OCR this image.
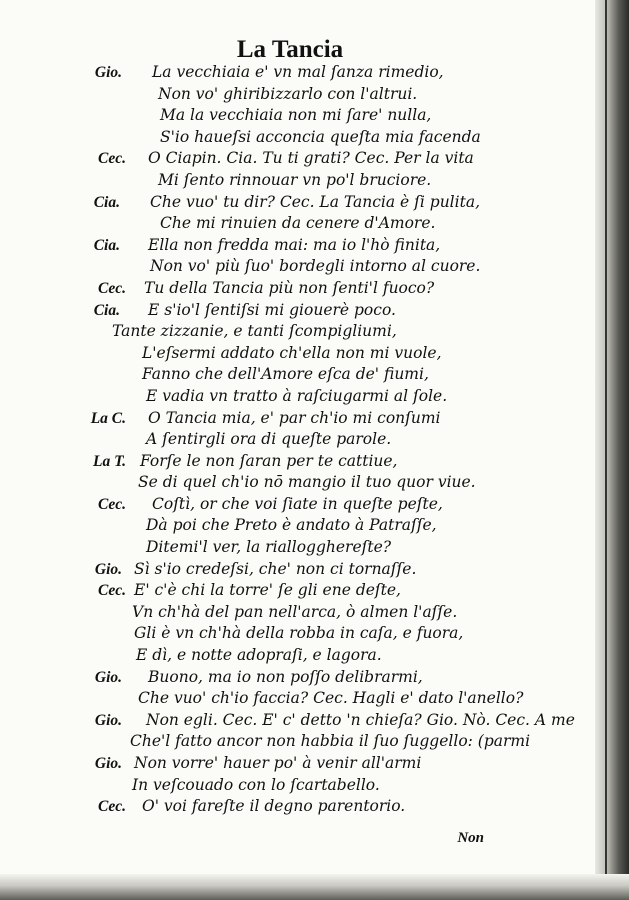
La Tancia
Gio. La vecchiaia e' vn mal ſanza rimedio,
Non vo' ghiribizzarlo con l'altrui.
Ma la vecchiaia non mi ſare' nulla,
S'io haueſsi acconcia queſta mia facenda
Cec. O Ciapin. Cia. Tu ti grati? Cec. Per la vita
Mi ſento rinnouar vn po'l bruciore.
Cia. Che vuo' tu dir? Cec. La Tancia è ſi pulita,
Che mi rinuien da cenere d'Amore.
Cia. Ella non fredda mai: ma io l'hò finita,
Non vo' più ſuo' bordegli intorno al cuore.
Cec. Tu della Tancia più non ſenti'l fuoco?
Cia. E s'io'l ſentiſsi mi giouerè poco.
Tante zizzanie, e tanti ſcompigliumi,
L'eſsermi addato ch'ella non mi vuole,
Fanno che dell'Amore eſca de' fiumi,
E vadia vn tratto à raſciugarmi al ſole.
La C. O Tancia mia, e' par ch'io mi conſumi
A ſentirgli ora di queſte parole.
La T. Forſe le non ſaran per te cattiue,
Se di quel ch'io nō mangio il tuo quor viue.
Cec. Coſtì, or che voi ſiate in queſte peſte,
Dà poi che Preto è andato à Patraſſe,
Ditemi'l ver, la riallogghereſte?
Gio. Sì s'io credeſsi, che' non ci tornaſſe.
Cec. E' c'è chi la torre' ſe gli ene deſte,
Vn ch'hà del pan nell'arca, ò almen l'aſſe.
Gli è vn ch'hà della robba in caſa, e fuora,
E dì, e notte adopraſi, e lagora.
Gio. Buono, ma io non poſſo delibrarmi,
Che vuo' ch'io faccia? Cec. Hagli e' dato l'anello?
Gio. Non egli. Cec. E' c' detto 'n chieſa? Gio. Nò. Cec. A me
Che'l fatto ancor non habbia il ſuo ſuggello: (parmi
Gio. Non vorre' hauer po' à venir all'armi
In veſcouado con lo ſcartabello.
Cec. O' voi fareſte il degno parentorio.
Non
